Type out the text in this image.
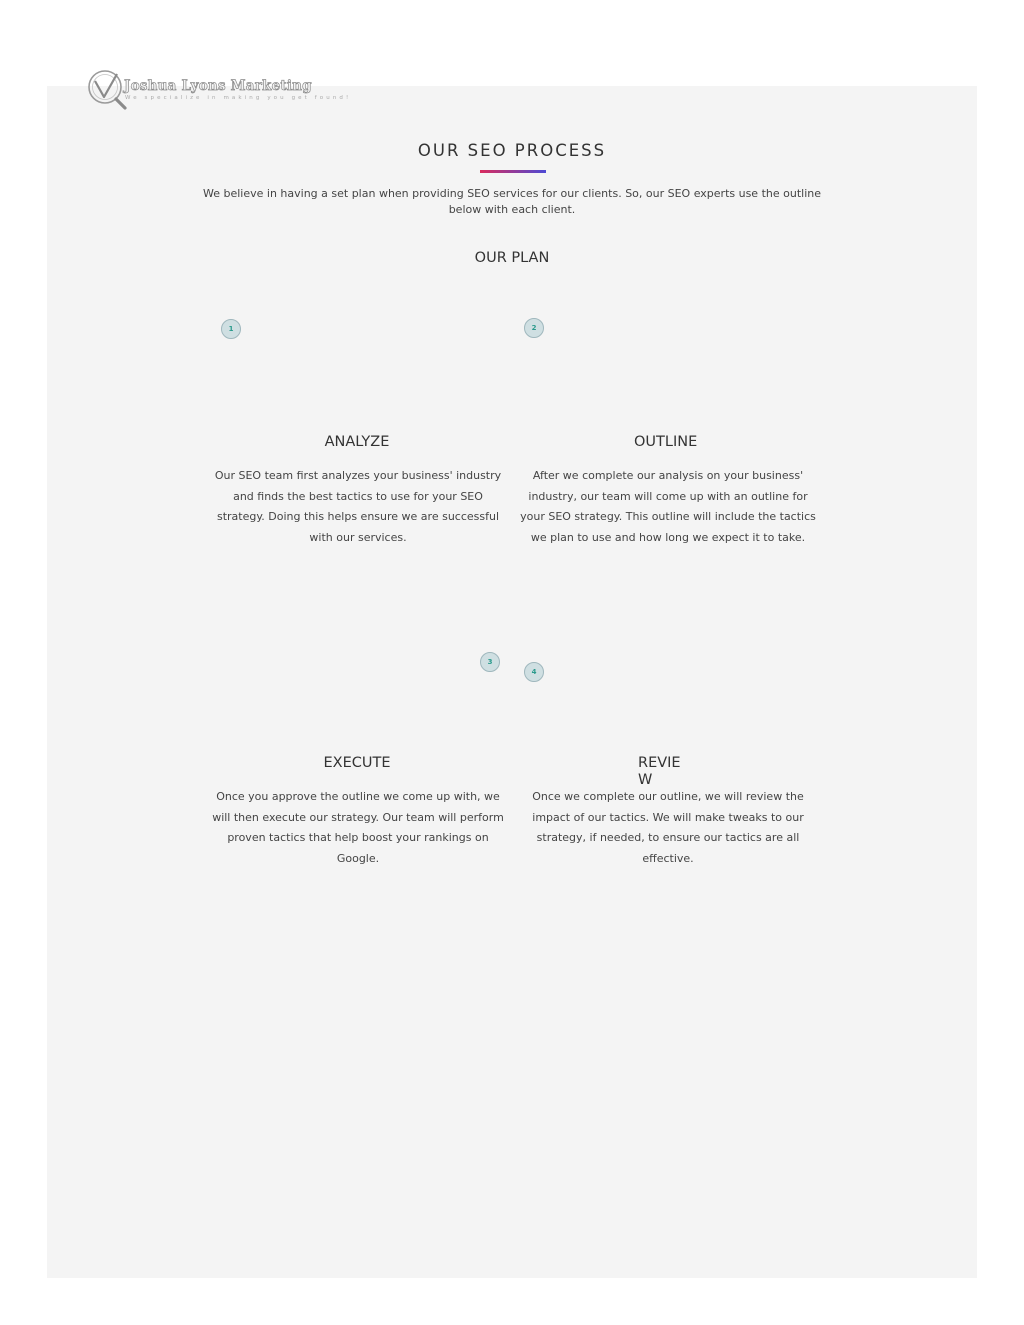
Joshua Lyons Marketing
We specialize in making you get found!
OUR SEO PROCESS

We believe in having a set plan when providing SEO services for our clients. So, our SEO experts use the outline below with each client.

OUR PLAN
1
ANALYZE

Our SEO team first analyzes your business' industry and finds the best tactics to use for your SEO strategy. Doing this helps ensure we are successful with our services.

2
OUTLINE

After we complete our analysis on your business' industry, our team will come up with an outline for your SEO strategy. This outline will include the tactics we plan to use and how long we expect it to take.

3
EXECUTE

Once you approve the outline we come up with, we will then execute our strategy. Our team will perform proven tactics that help boost your rankings on Google.

4
REVIEW

Once we complete our outline, we will review the impact of our tactics. We will make tweaks to our strategy, if needed, to ensure our tactics are all effective.
